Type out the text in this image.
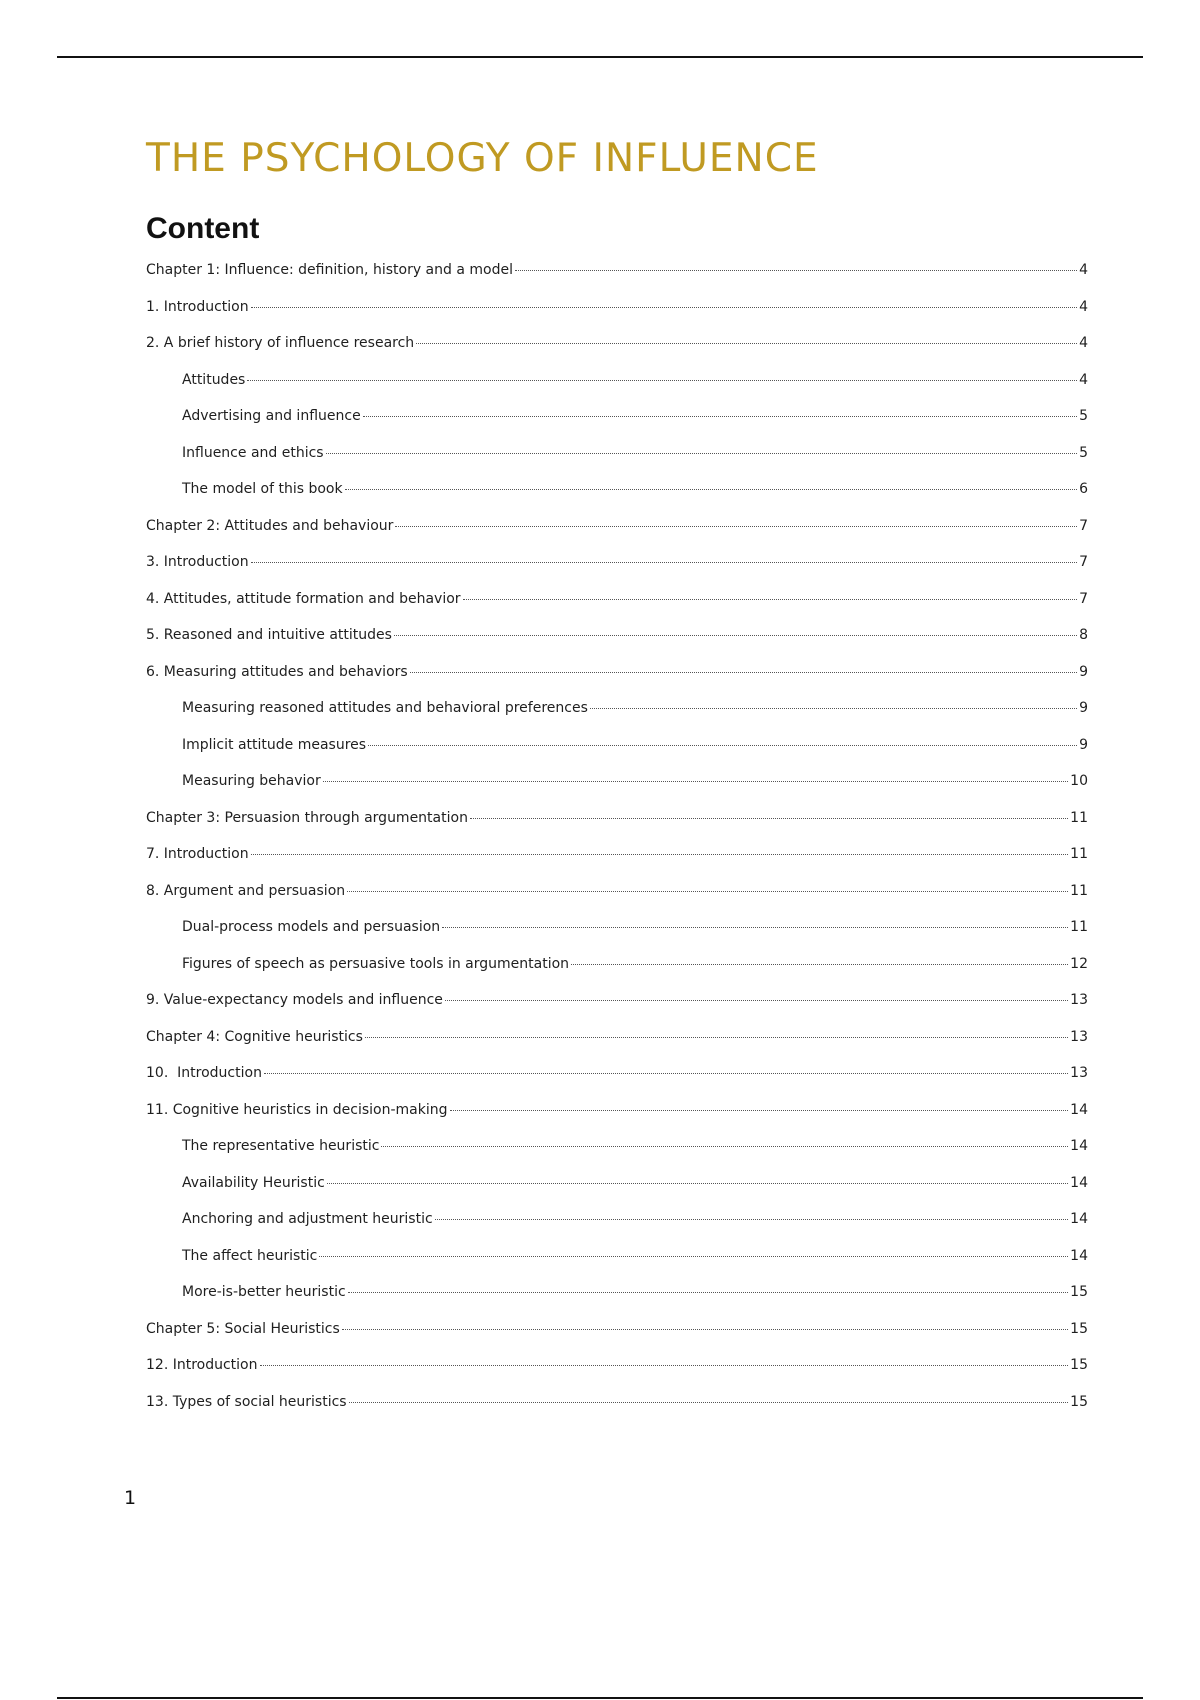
THE PSYCHOLOGY OF INFLUENCE
Content
Chapter 1: Influence: definition, history and a model	4
1. Introduction	4
2. A brief history of influence research	4
Attitudes	4
Advertising and influence	5
Influence and ethics	5
The model of this book	6
Chapter 2: Attitudes and behaviour	7
3. Introduction	7
4. Attitudes, attitude formation and behavior	7
5. Reasoned and intuitive attitudes	8
6. Measuring attitudes and behaviors	9
Measuring reasoned attitudes and behavioral preferences	9
Implicit attitude measures	9
Measuring behavior	10
Chapter 3: Persuasion through argumentation	11
7. Introduction	11
8. Argument and persuasion	11
Dual-process models and persuasion	11
Figures of speech as persuasive tools in argumentation	12
9. Value-expectancy models and influence	13
Chapter 4: Cognitive heuristics	13
10.  Introduction	13
11. Cognitive heuristics in decision-making	14
The representative heuristic	14
Availability Heuristic	14
Anchoring and adjustment heuristic	14
The affect heuristic	14
More-is-better heuristic	15
Chapter 5: Social Heuristics	15
12. Introduction	15
13. Types of social heuristics	15
1
